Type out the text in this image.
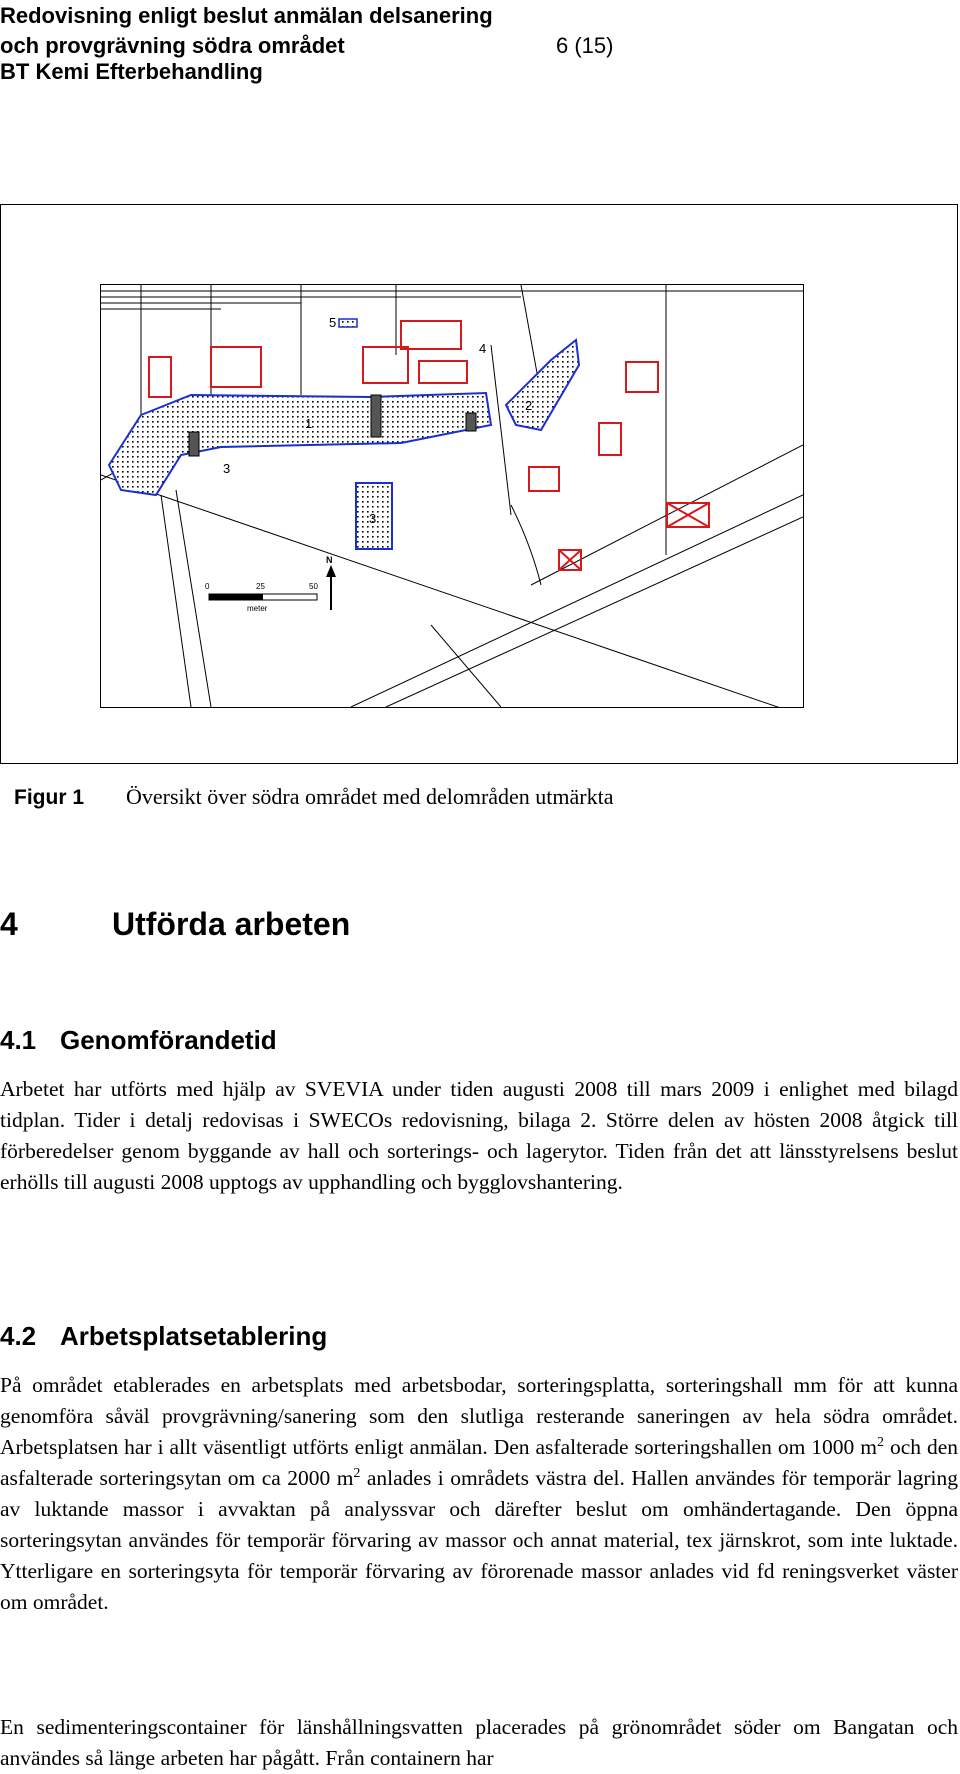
Redovisning enligt beslut anmälan delsanering
och provgrävning södra området	6 (15)
BT Kemi Efterbehandling
1
2
3
3
4
5
0	25	50
meter
N
Figur 1 Översikt över södra området med delområden utmärkta
4	Utförda arbeten
4.1 Genomförandetid
Arbetet har utförts med hjälp av SVEVIA under tiden augusti 2008 till mars 2009 i enlighet med bilagd tidplan. Tider i detalj redovisas i SWECOs redovisning, bilaga 2. Större delen av hösten 2008 åtgick till förberedelser genom byggande av hall och sorterings- och lagerytor. Tiden från det att länsstyrelsens beslut erhölls till augusti 2008 upptogs av upphandling och bygglovshantering.
4.2 Arbetsplatsetablering
På området etablerades en arbetsplats med arbetsbodar, sorteringsplatta, sorteringshall mm för att kunna genomföra såväl provgrävning/sanering som den slutliga resterande saneringen av hela södra området. Arbetsplatsen har i allt väsentligt utförts enligt anmälan. Den asfalterade sorteringshallen om 1000 $m^2$ och den asfalterade sorteringsytan om ca 2000 $m^2$ anlades i områdets västra del. Hallen användes för temporär lagring av luktande massor i avvaktan på analyssvar och därefter beslut om omhändertagande. Den öppna sorteringsytan användes för temporär förvaring av massor och annat material, tex järnskrot, som inte luktade. Ytterligare en sorteringsyta för temporär förvaring av förorenade massor anlades vid fd reningsverket väster om området.
En sedimenteringscontainer för länshållningsvatten placerades på grönområdet söder om Bangatan och användes så länge arbeten har pågått. Från containern har
